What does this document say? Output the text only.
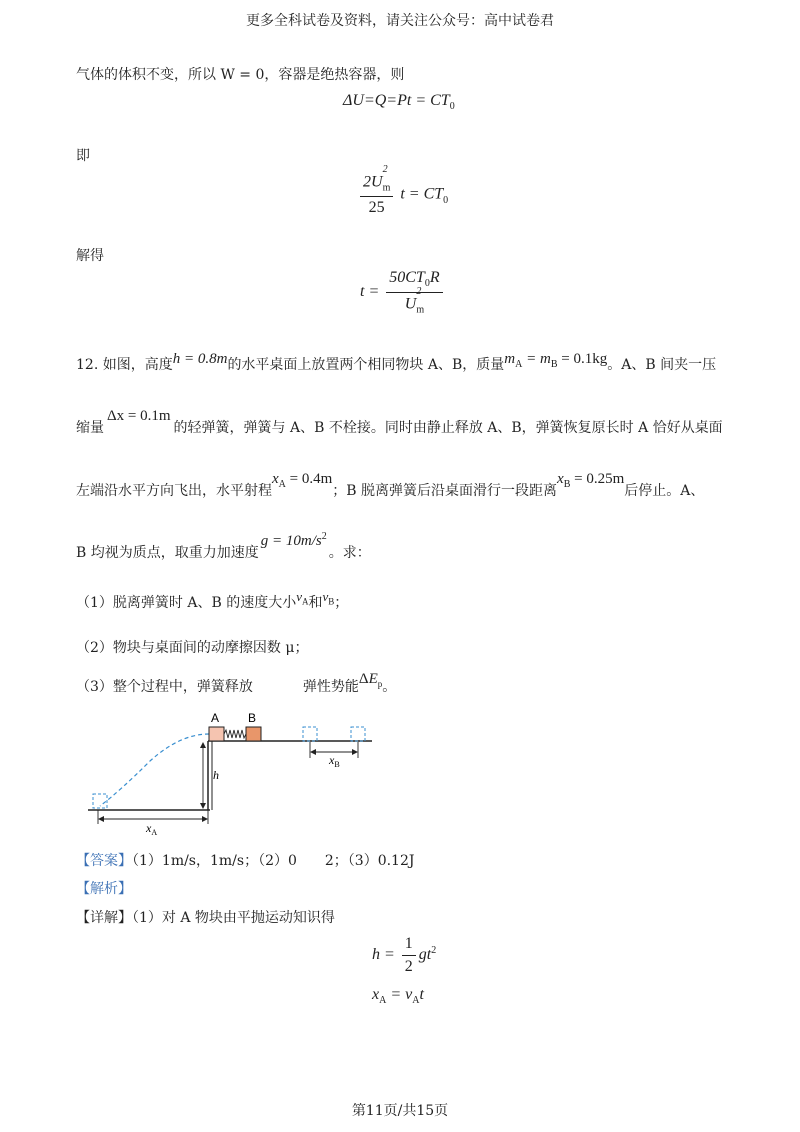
更多全科试卷及资料，请关注公众号：高中试卷君
气体的体积不变，所以 W = 0，容器是绝热容器，则
$\Delta U=Q=Pt = CT_0$
即
2U
$^2$
$_m$
25 $t = CT_0$
解得
$t = 50CT_0R$
U
$^2$
$_m$
12. 如图，高度h = 0.8m的水平桌面上放置两个相同物块 A、B，质量$m_A = m_B = 0.1kg$。A、B 间夹一压
缩量Δx = 0.1m的轻弹簧，弹簧与 A、B 不栓接。同时由静止释放 A、B，弹簧恢复原长时 A 恰好从桌面
左端沿水平方向飞出，水平射程$x_A = 0.4m$；B 脱离弹簧后沿桌面滑行一段距离$x_B = 0.25m$后停止。A、
B 均视为质点，取重力加速度$g = 10m/s^2$。求：
（1）脱离弹簧时 A、B 的速度大小$v_A$和$v_B$；
（2）物块与桌面间的动摩擦因数 μ；
（3）整个过程中，弹簧释放	弹性势能$\Delta E_p$。
A B
h
$x_A$
$x_B$
【答案】（1）1m/s，1m/s；（2）0　　2；（3）0.12J
【解析】
【详解】（1）对 A 物块由平抛运动知识得
$h = \frac{1}{2} gt^2$
$x_A = v_At$
第11页/共15页
